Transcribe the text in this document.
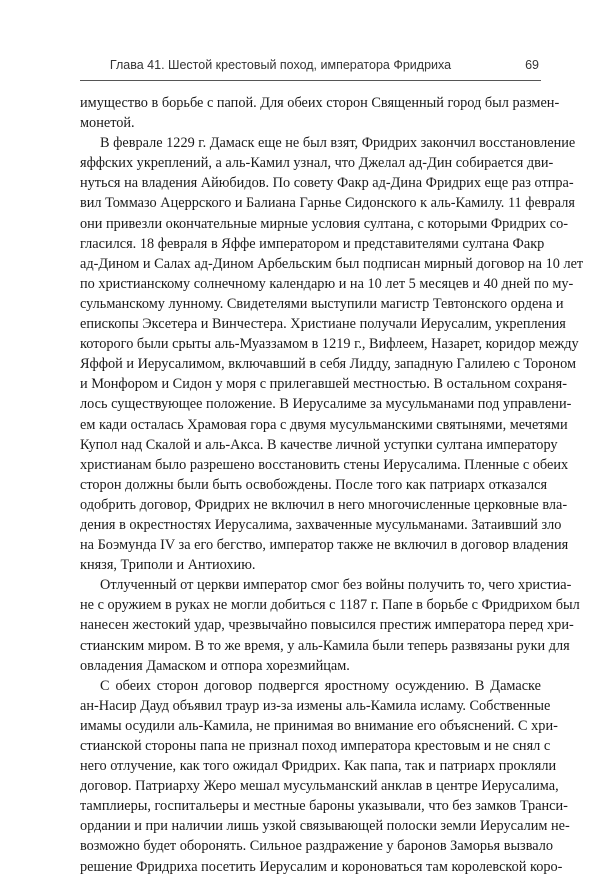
Глава 41. Шестой крестовый поход, императора Фридриха	69
имущество в борьбе с папой. Для обеих сторон Священный город был размен-
монетой.
В феврале 1229 г. Дамаск еще не был взят, Фридрих закончил восстановление
яффских укреплений, а аль-Камил узнал, что Джелал ад-Дин собирается дви-
нуться на владения Айюбидов. По совету Факр ад-Дина Фридрих еще раз отпра-
вил Томмазо Ацеррского и Балиана Гарнье Сидонского к аль-Камилу. 11 февраля
они привезли окончательные мирные условия султана, с которыми Фридрих со-
гласился. 18 февраля в Яффе императором и представителями султана Факр
ад-Дином и Салах ад-Дином Арбельским был подписан мирный договор на 10 лет
по христианскому солнечному календарю и на 10 лет 5 месяцев и 40 дней по му-
сульманскому лунному. Свидетелями выступили магистр Тевтонского ордена и
епископы Эксетера и Винчестера. Христиане получали Иерусалим, укрепления
которого были срыты аль-Муаззамом в 1219 г., Вифлеем, Назарет, коридор между
Яффой и Иерусалимом, включавший в себя Лидду, западную Галилею с Тороном
и Монфором и Сидон у моря с прилегавшей местностью. В остальном сохраня-
лось существующее положение. В Иерусалиме за мусульманами под управлени-
ем кади осталась Храмовая гора с двумя мусульманскими святынями, мечетями
Купол над Скалой и аль-Акса. В качестве личной уступки султана императору
христианам было разрешено восстановить стены Иерусалима. Пленные с обеих
сторон должны были быть освобождены. После того как патриарх отказался
одобрить договор, Фридрих не включил в него многочисленные церковные вла-
дения в окрестностях Иерусалима, захваченные мусульманами. Затаивший зло
на Боэмунда IV за его бегство, император также не включил в договор владения
князя, Триполи и Антиохию.
Отлученный от церкви император смог без войны получить то, чего христиа-
не с оружием в руках не могли добиться с 1187 г. Папе в борьбе с Фридрихом был
нанесен жестокий удар, чрезвычайно повысился престиж императора перед хри-
стианским миром. В то же время, у аль-Камила были теперь развязаны руки для
овладения Дамаском и отпора хорезмийцам.
С обеих сторон договор подвергся яростному осуждению. В Дамаске
ан-Насир Дауд объявил траур из-за измены аль-Камила исламу. Собственные
имамы осудили аль-Камила, не принимая во внимание его объяснений. С хри-
стианской стороны папа не признал поход императора крестовым и не снял с
него отлучение, как того ожидал Фридрих. Как папа, так и патриарх прокляли
договор. Патриарху Жеро мешал мусульманский анклав в центре Иерусалима,
тамплиеры, госпитальеры и местные бароны указывали, что без замков Транси-
ордании и при наличии лишь узкой связывающей полоски земли Иерусалим не-
возможно будет оборонять. Сильное раздражение у баронов Заморья вызвало
решение Фридриха посетить Иерусалим и короноваться там королевской коро-
